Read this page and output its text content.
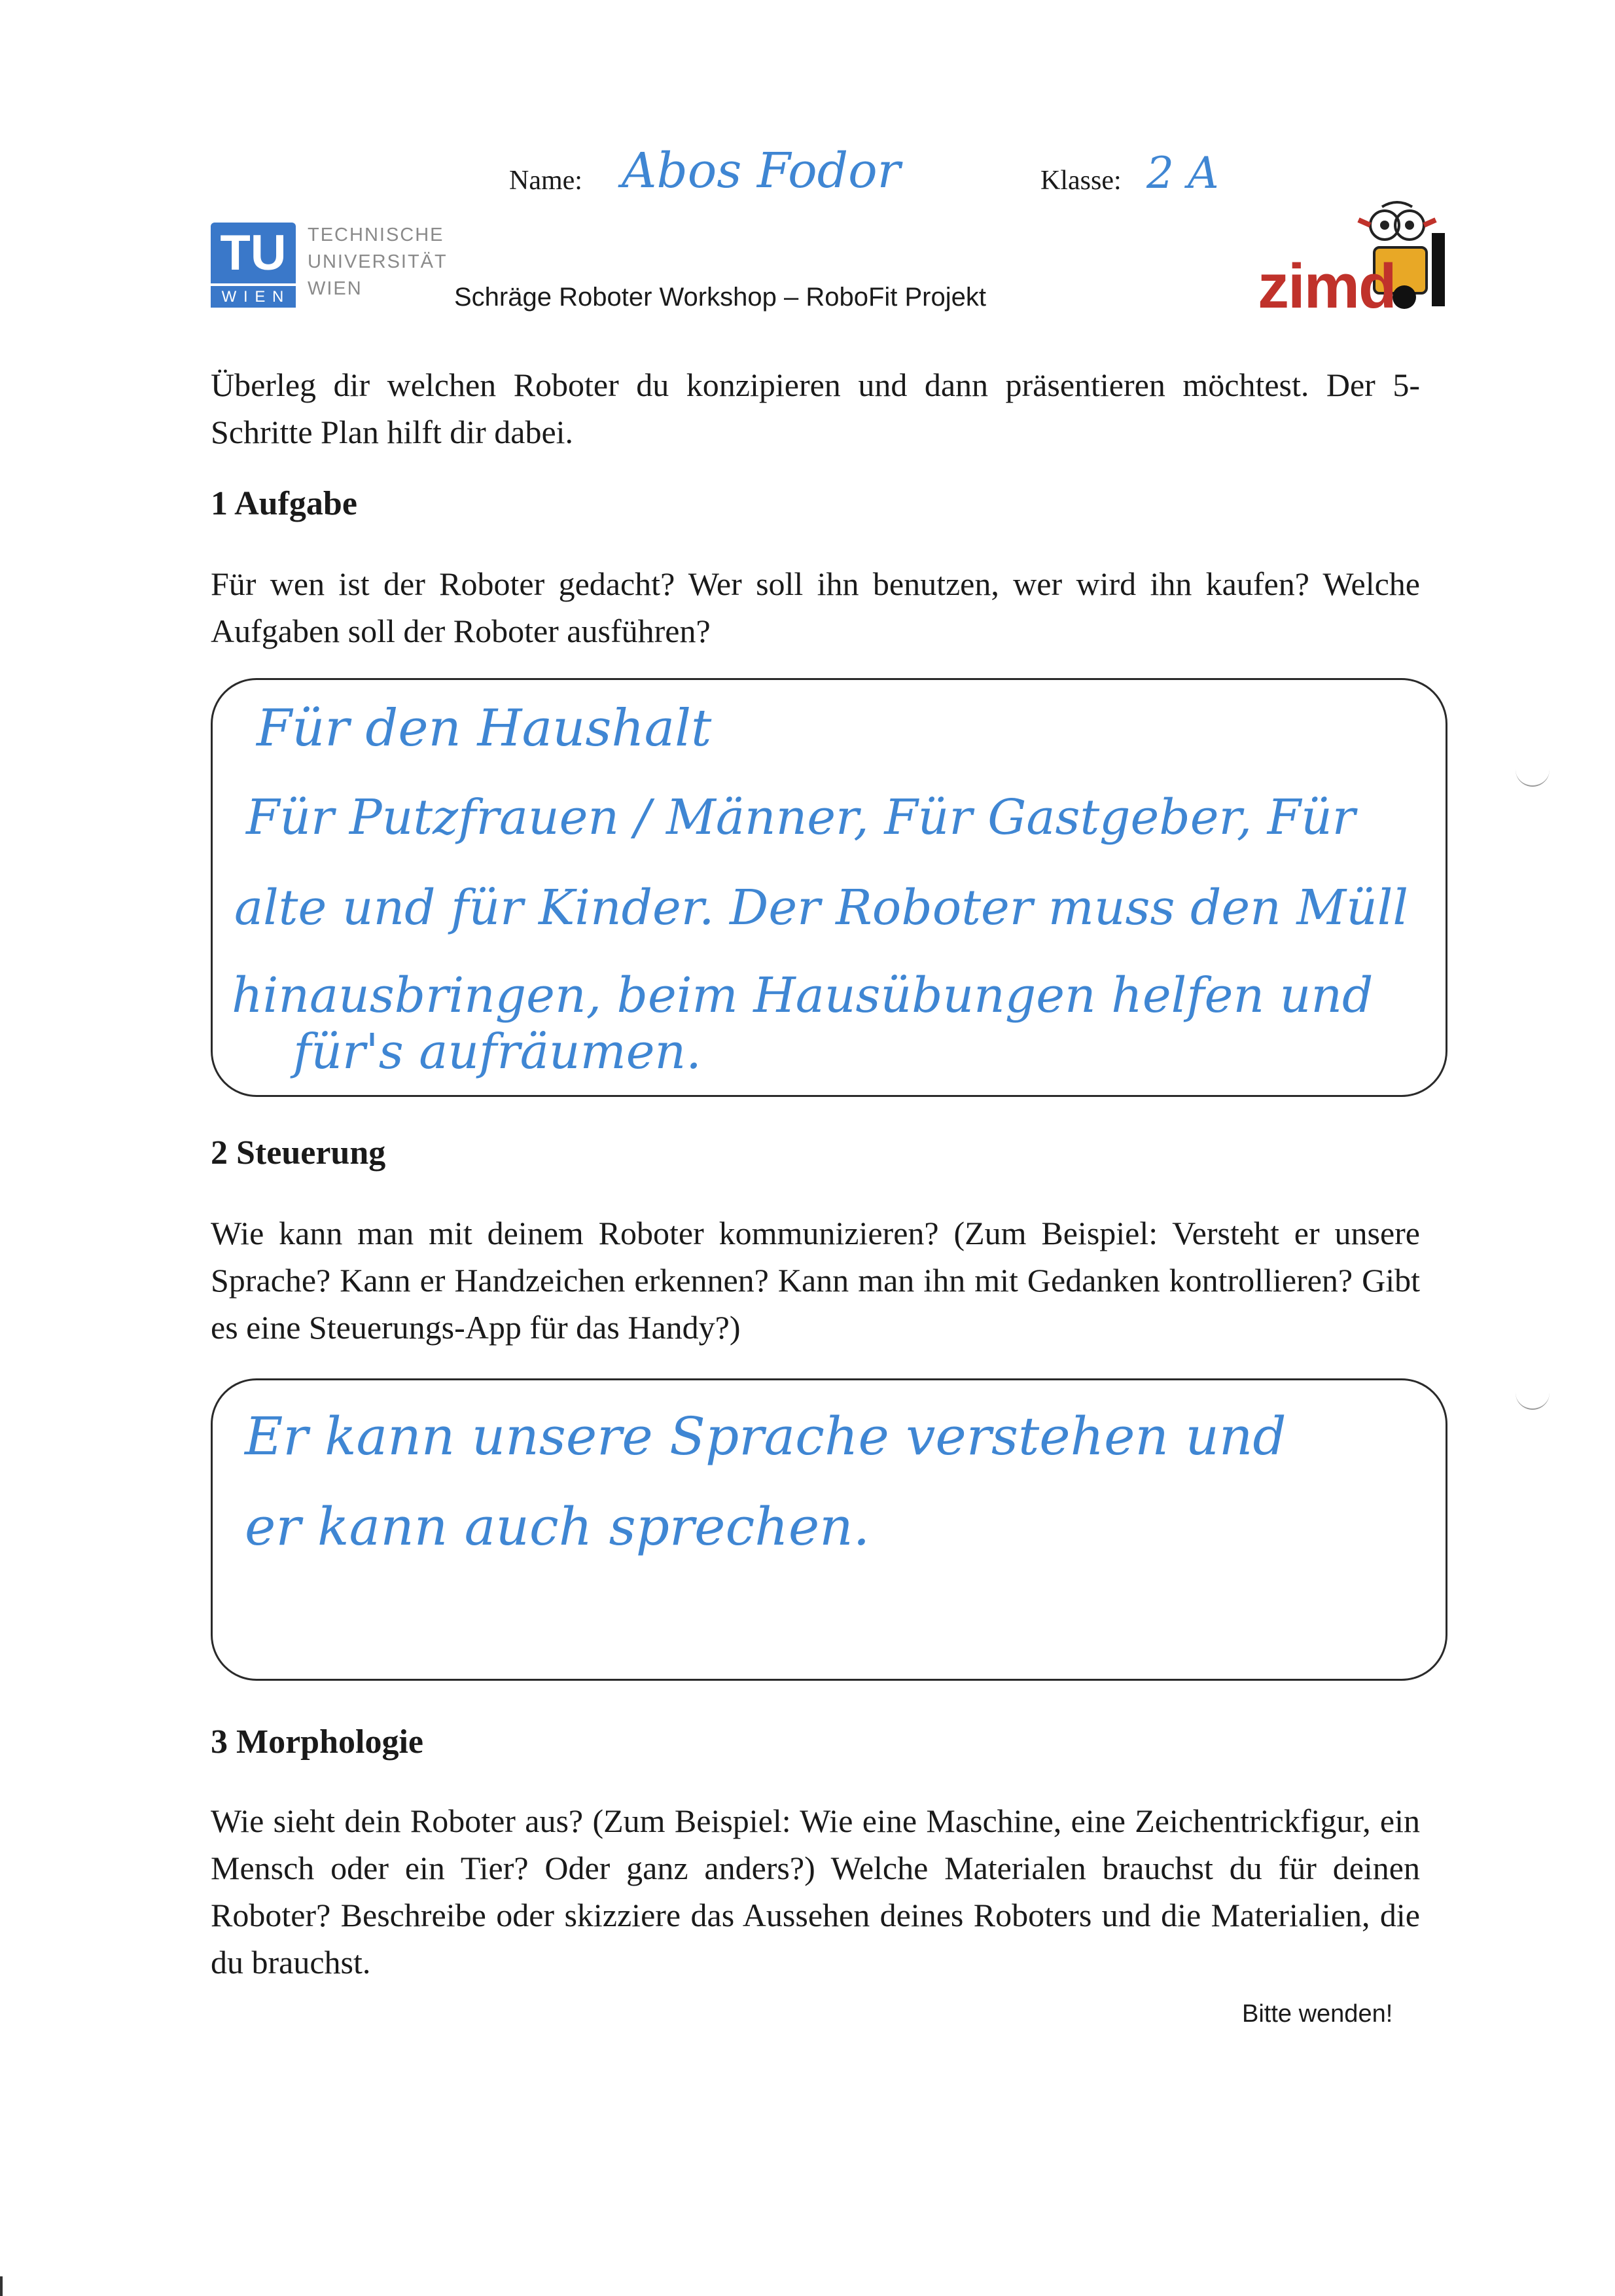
Name: Abos Fodor	Klasse: 2 A
TU
W I E N
TECHNISCHE
UNIVERSITÄT
WIEN	Schräge Roboter Workshop – RoboFit Projekt	zimd
Überleg dir welchen Roboter du konzipieren und dann präsentieren möchtest. Der 5-Schritte Plan hilft dir dabei.
1 Aufgabe
Für wen ist der Roboter gedacht? Wer soll ihn benutzen, wer wird ihn kaufen? Welche Aufgaben soll der Roboter ausführen?
Für den Haushalt
Für Putzfrauen / Männer, Für Gastgeber, Für
alte und für Kinder. Der Roboter muss den Müll
hinausbringen, beim Hausübungen helfen und
für's aufräumen.
2 Steuerung
Wie kann man mit deinem Roboter kommunizieren? (Zum Beispiel: Versteht er unsere Sprache? Kann er Handzeichen erkennen? Kann man ihn mit Gedanken kontrollieren? Gibt es eine Steuerungs-App für das Handy?)
Er kann unsere Sprache verstehen und
er kann auch sprechen.
3 Morphologie
Wie sieht dein Roboter aus? (Zum Beispiel: Wie eine Maschine, eine Zeichentrickfigur, ein Mensch oder ein Tier? Oder ganz anders?) Welche Materialen brauchst du für deinen Roboter? Beschreibe oder skizziere das Aussehen deines Roboters und die Materialien, die du brauchst.
Bitte wenden!
